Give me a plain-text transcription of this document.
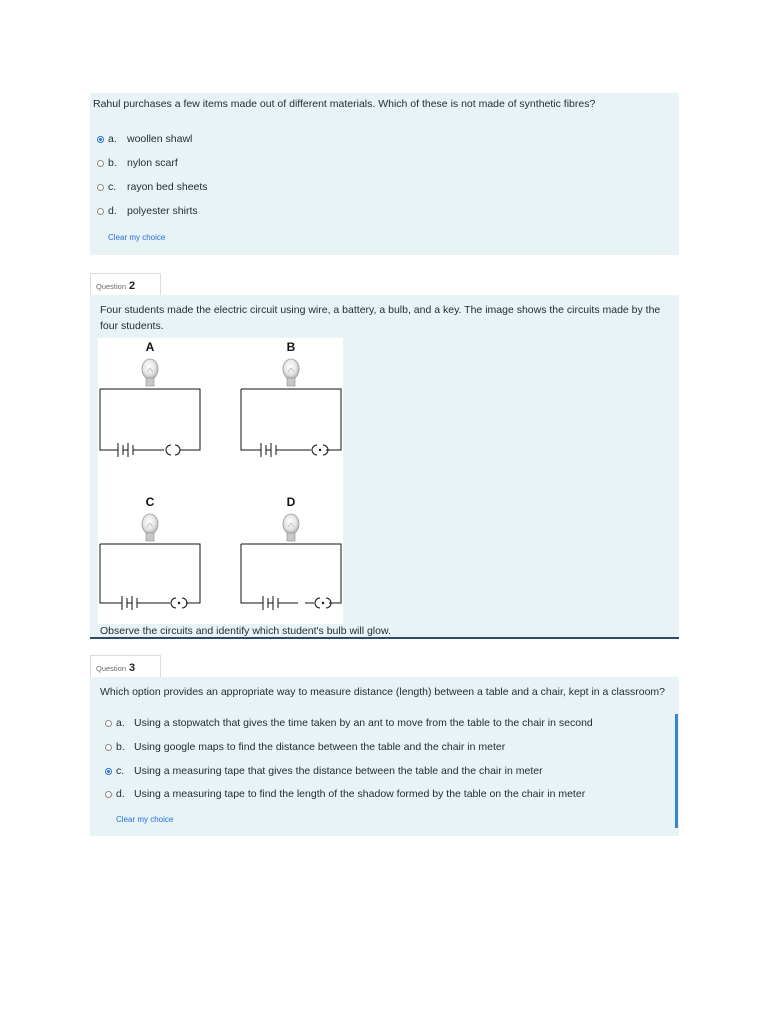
Rahul purchases a few items made out of different materials. Which of these is not made of synthetic fibres?
a. woollen shawl
b. nylon scarf
c. rayon bed sheets
d. polyester shirts
Clear my choice
Question 2
Four students made the electric circuit using wire, a battery, a bulb, and a key. The image shows the circuits made by the four students.
A	B
C	D
Observe the circuits and identify which student's bulb will glow.
Question 3
Which option provides an appropriate way to measure distance (length) between a table and a chair, kept in a classroom?
a. Using a stopwatch that gives the time taken by an ant to move from the table to the chair in second
b. Using google maps to find the distance between the table and the chair in meter
c. Using a measuring tape that gives the distance between the table and the chair in meter
d. Using a measuring tape to find the length of the shadow formed by the table on the chair in meter
Clear my choice
